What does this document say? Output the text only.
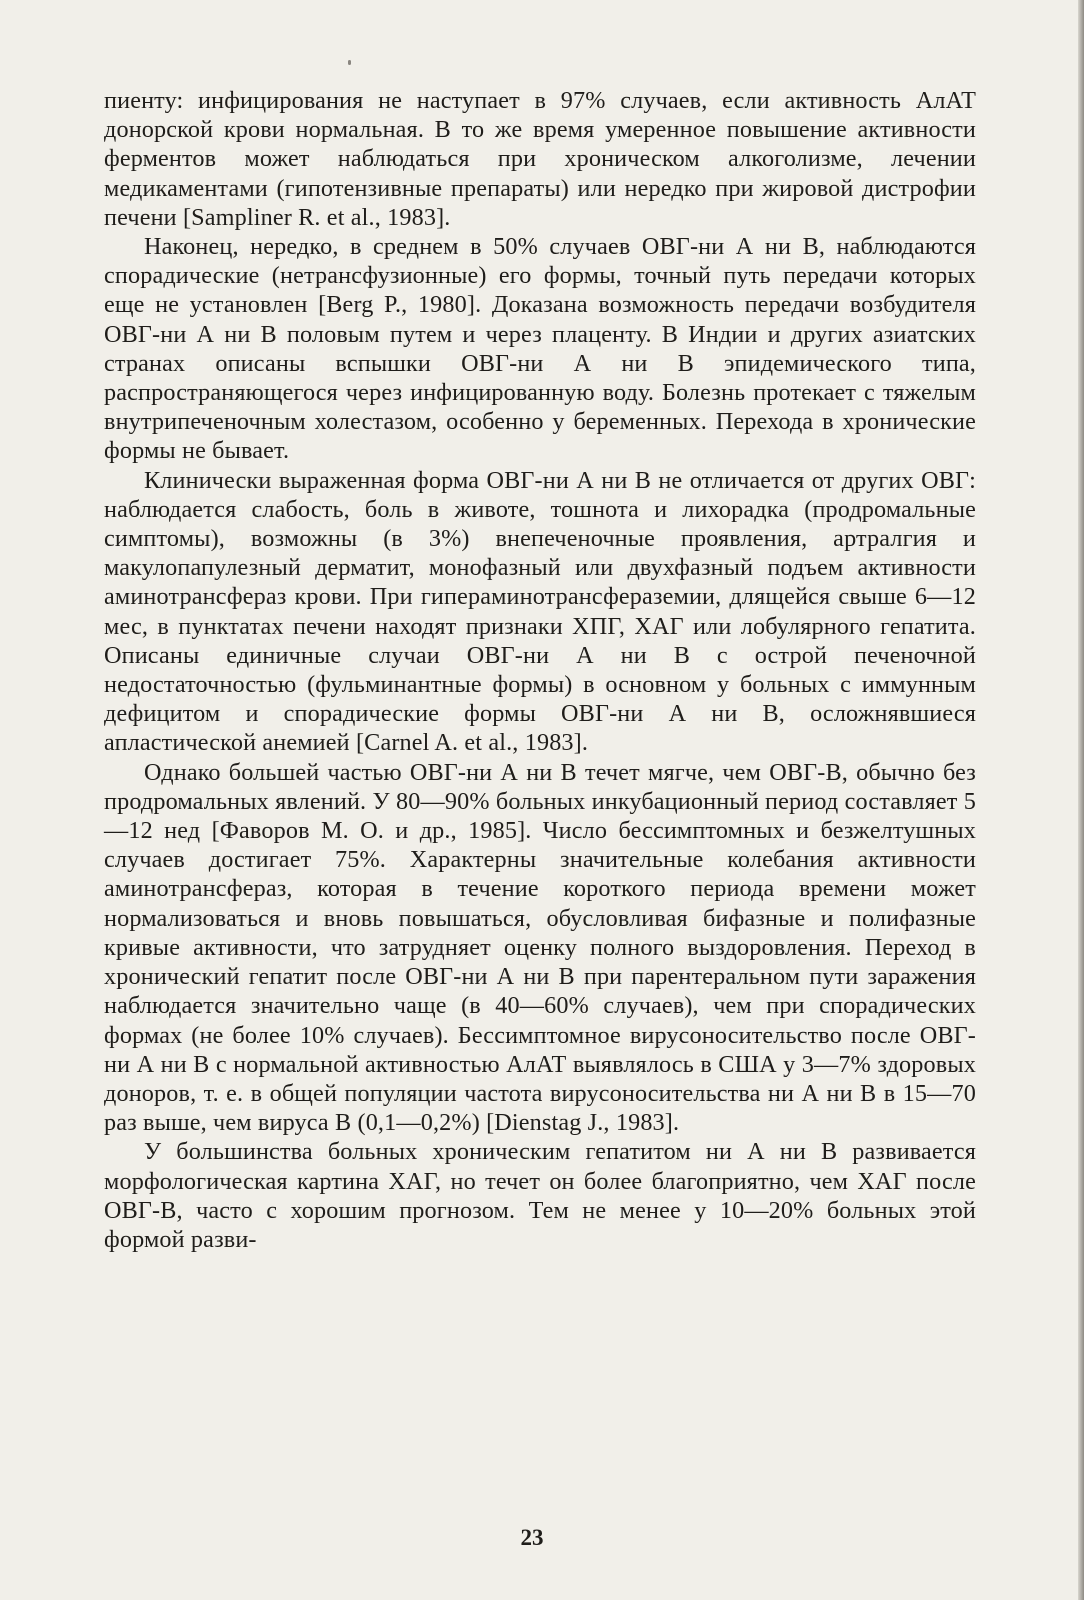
пиенту: инфицирования не наступает в 97% случаев, если активность АлАТ донорской крови нормальная. В то же время умеренное повышение активности ферментов может наблюдаться при хроническом алкоголизме, лечении медикаментами (гипотензивные препараты) или нередко при жировой дистрофии печени [Sampliner R. et al., 1983].

Наконец, нередко, в среднем в 50% случаев ОВГ-ни А ни В, наблюдаются спорадические (нетрансфузионные) его формы, точный путь передачи которых еще не установлен [Berg P., 1980]. Доказана возможность передачи возбудителя ОВГ-ни А ни В половым путем и через плаценту. В Индии и других азиатских странах описаны вспышки ОВГ-ни А ни В эпидемического типа, распространяющегося через инфицированную воду. Болезнь протекает с тяжелым внутрипеченочным холестазом, особенно у беременных. Перехода в хронические формы не бывает.

Клинически выраженная форма ОВГ-ни А ни В не отличается от других ОВГ: наблюдается слабость, боль в животе, тошнота и лихорадка (продромальные симптомы), возможны (в 3%) внепеченочные проявления, артралгия и макулопапулезный дерматит, монофазный или двухфазный подъем активности аминотрансфераз крови. При гипераминотрансфераземии, длящейся свыше 6—12 мес, в пунктатах печени находят признаки ХПГ, ХАГ или лобулярного гепатита. Описаны единичные случаи ОВГ-ни А ни В с острой печеночной недостаточностью (фульминантные формы) в основном у больных с иммунным дефицитом и спорадические формы ОВГ-ни А ни В, осложнявшиеся апластической анемией [Carnel A. et al., 1983].

Однако большей частью ОВГ-ни А ни В течет мягче, чем ОВГ-В, обычно без продромальных явлений. У 80—90% больных инкубационный период составляет 5—12 нед [Фаворов М. О. и др., 1985]. Число бессимптомных и безжелтушных случаев достигает 75%. Характерны значительные колебания активности аминотрансфераз, которая в течение короткого периода времени может нормализоваться и вновь повышаться, обусловливая бифазные и полифазные кривые активности, что затрудняет оценку полного выздоровления. Переход в хронический гепатит после ОВГ-ни А ни В при парентеральном пути заражения наблюдается значительно чаще (в 40—60% случаев), чем при спорадических формах (не более 10% случаев). Бессимптомное вирусоносительство после ОВГ-ни А ни В с нормальной активностью АлАТ выявлялось в США у 3—7% здоровых доноров, т. е. в общей популяции частота вирусоносительства ни А ни В в 15—70 раз выше, чем вируса В (0,1—0,2%) [Dienstag J., 1983].

У большинства больных хроническим гепатитом ни А ни В развивается морфологическая картина ХАГ, но течет он более благоприятно, чем ХАГ после ОВГ-В, часто с хорошим прогнозом. Тем не менее у 10—20% больных этой формой разви-

23
